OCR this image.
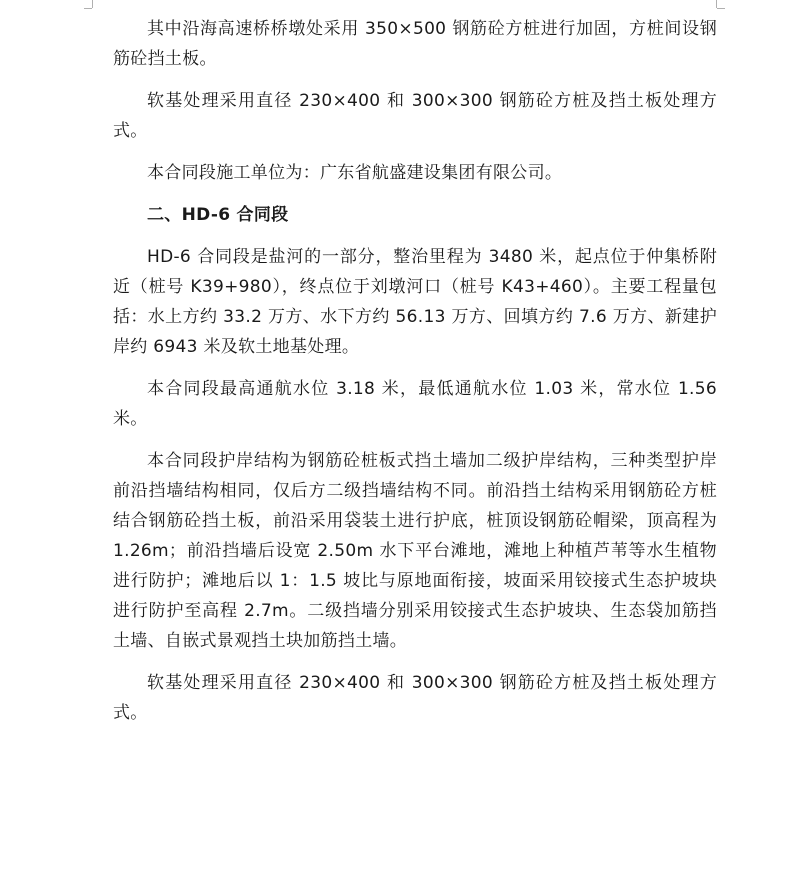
其中沿海高速桥桥墩处采用 350×500 钢筋砼方桩进行加固，方桩间设钢筋砼挡土板。

软基处理采用直径 230×400 和 300×300 钢筋砼方桩及挡土板处理方式。

本合同段施工单位为：广东省航盛建设集团有限公司。

二、HD-6 合同段

HD-6 合同段是盐河的一部分，整治里程为 3480 米，起点位于仲集桥附近（桩号 K39+980），终点位于刘墩河口（桩号 K43+460）。主要工程量包括：水上方约 33.2 万方、水下方约 56.13 万方、回填方约 7.6 万方、新建护岸约 6943 米及软土地基处理。

本合同段最高通航水位 3.18 米，最低通航水位 1.03 米，常水位 1.56 米。

本合同段护岸结构为钢筋砼桩板式挡土墙加二级护岸结构，三种类型护岸前沿挡墙结构相同，仅后方二级挡墙结构不同。前沿挡土结构采用钢筋砼方桩结合钢筋砼挡土板，前沿采用袋装土进行护底，桩顶设钢筋砼帽梁，顶高程为 1.26m；前沿挡墙后设宽 2.50m 水下平台滩地，滩地上种植芦苇等水生植物进行防护；滩地后以 1：1.5 坡比与原地面衔接，坡面采用铰接式生态护坡块进行防护至高程 2.7m。二级挡墙分别采用铰接式生态护坡块、生态袋加筋挡土墙、自嵌式景观挡土块加筋挡土墙。

软基处理采用直径 230×400 和 300×300 钢筋砼方桩及挡土板处理方式。
